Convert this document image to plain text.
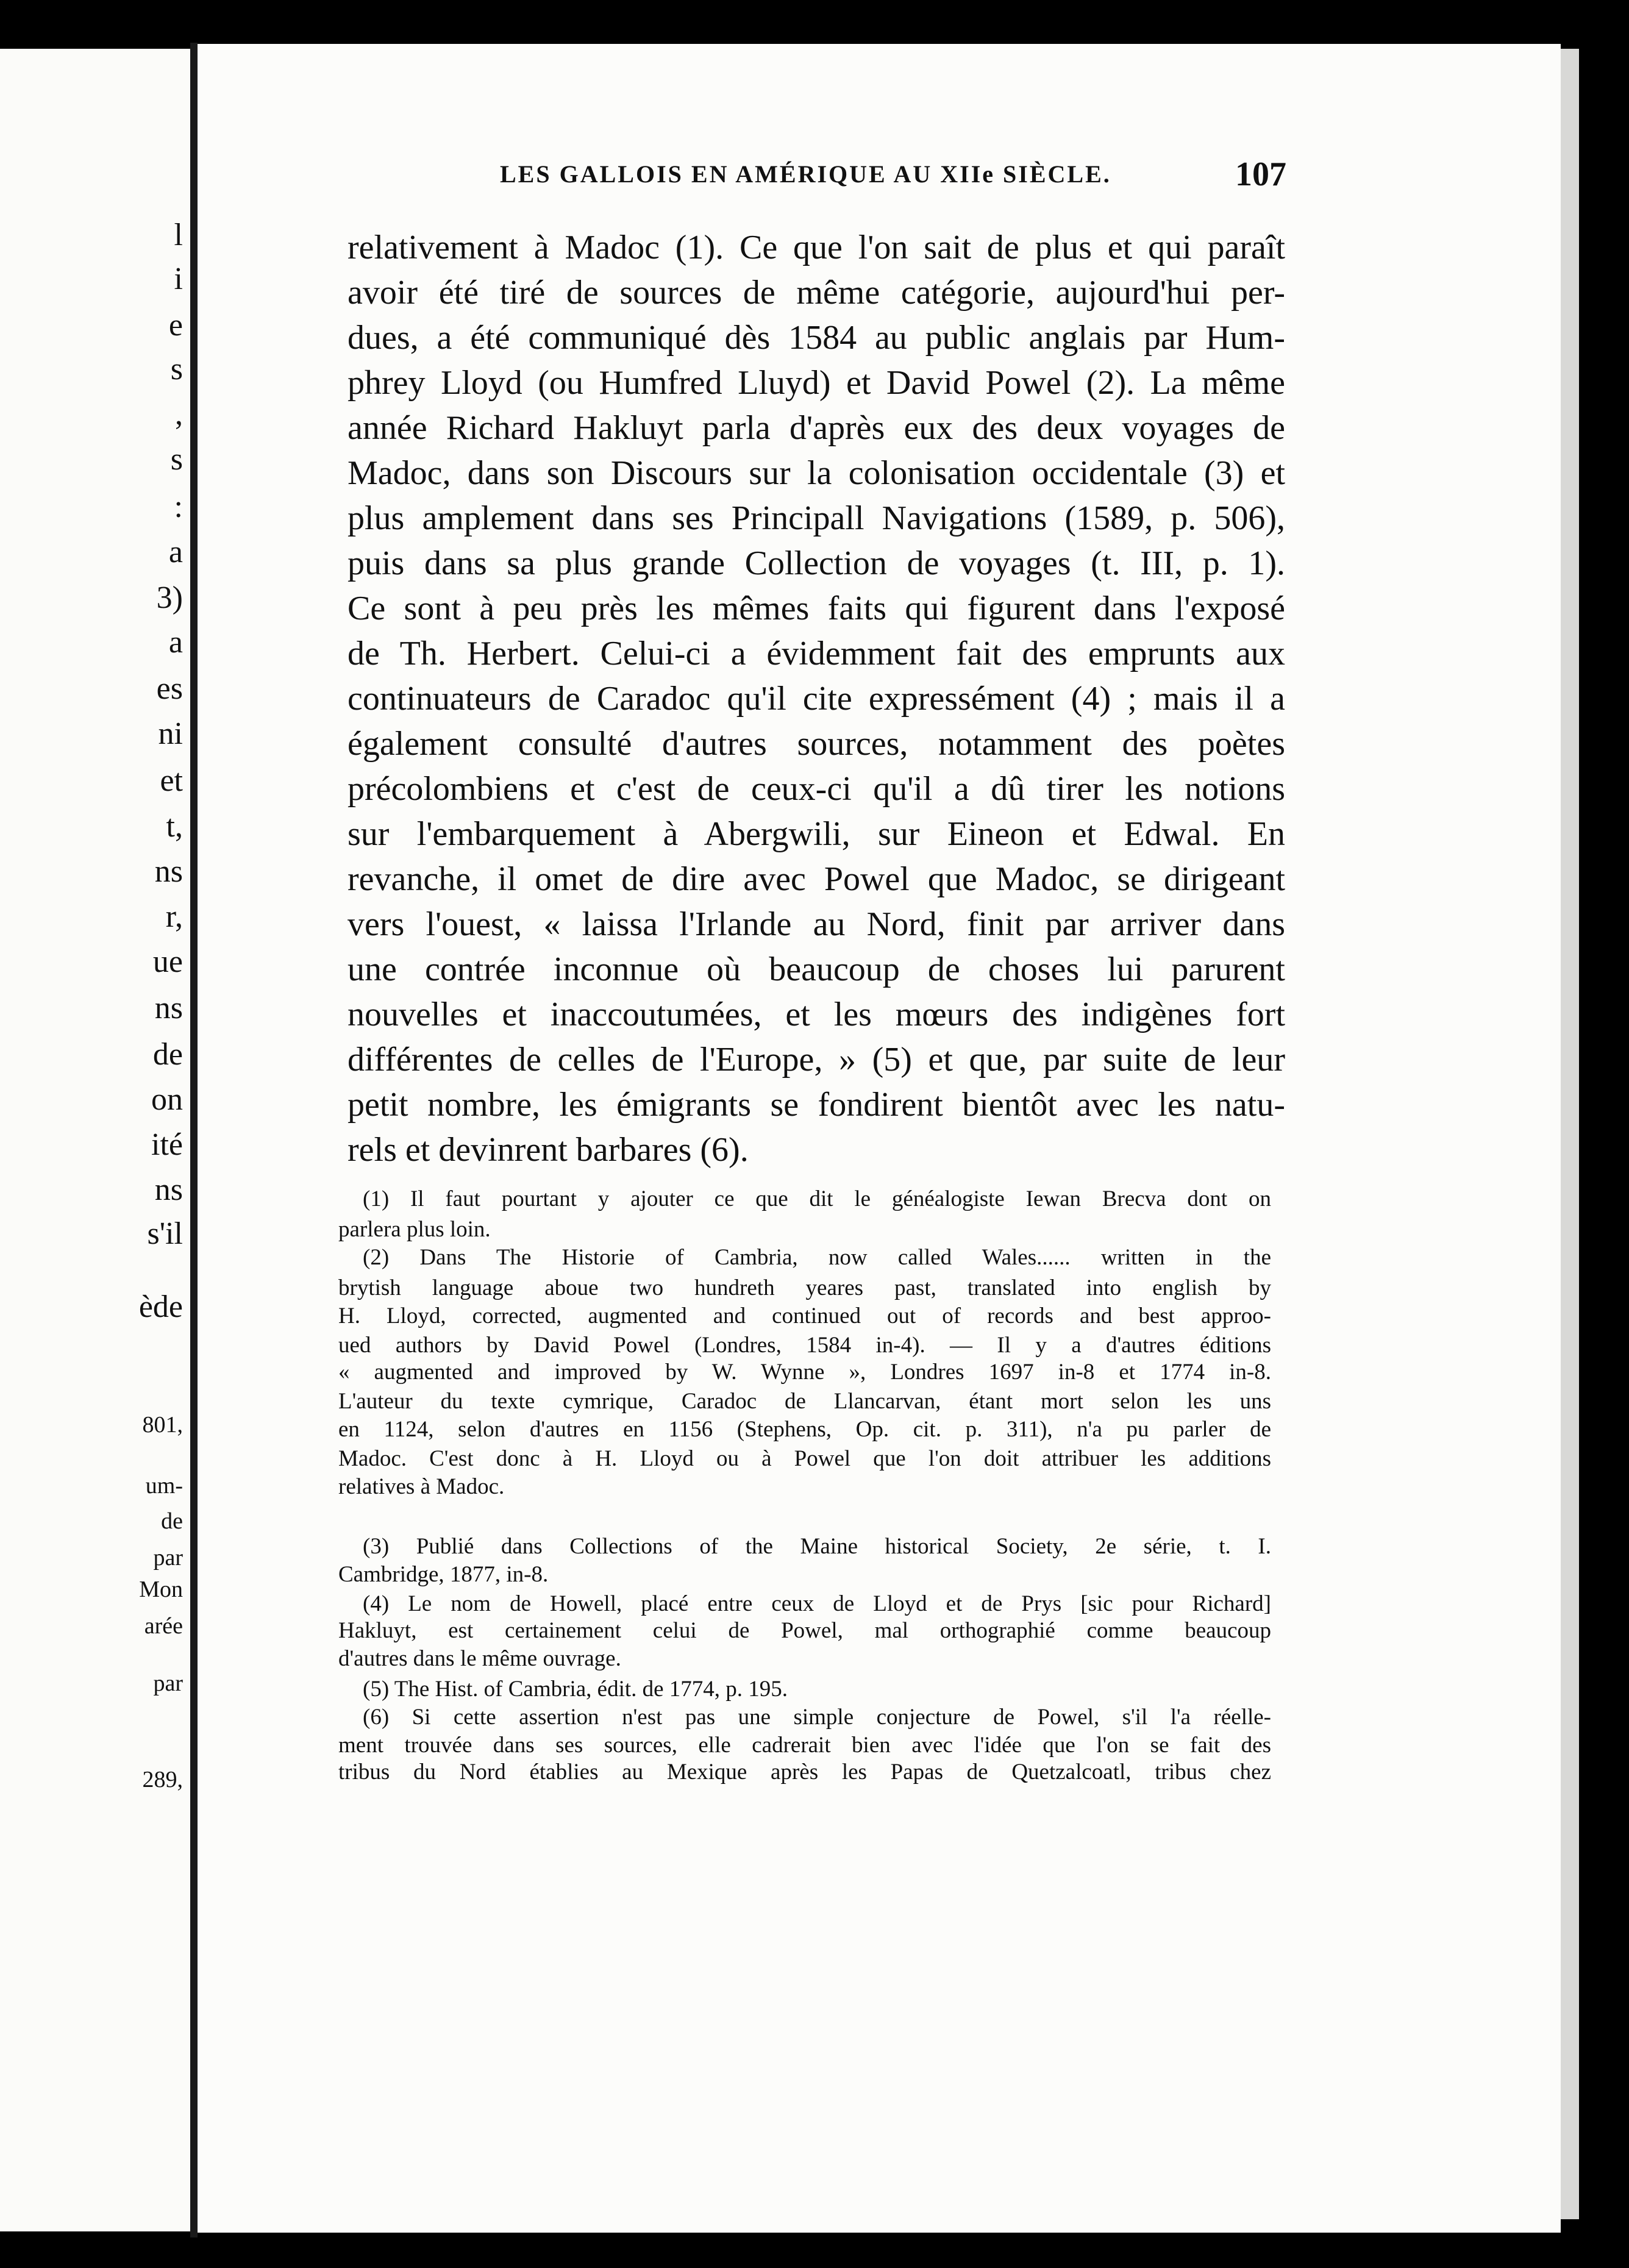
l
i
e
s
,
s
:
a
3)
a
es
ni
et
t,
ns
r,
ue
ns
de
on
ité
ns
s'il
ède
801,
um-
de
par
Mon
arée
par
289,
LES GALLOIS EN AMÉRIQUE AU XIIe SIÈCLE.	107
relativement à Madoc (1). Ce que l'on sait de plus et qui paraît
avoir été tiré de sources de même catégorie, aujourd'hui per-
dues, a été communiqué dès 1584 au public anglais par Hum-
phrey Lloyd (ou Humfred Lluyd) et David Powel (2). La même
année Richard Hakluyt parla d'après eux des deux voyages de
Madoc, dans son Discours sur la colonisation occidentale (3) et
plus amplement dans ses Principall Navigations (1589, p. 506),
puis dans sa plus grande Collection de voyages (t. III, p. 1).
Ce sont à peu près les mêmes faits qui figurent dans l'exposé
de Th. Herbert. Celui-ci a évidemment fait des emprunts aux
continuateurs de Caradoc qu'il cite expressément (4) ; mais il a
également consulté d'autres sources, notamment des poètes
précolombiens et c'est de ceux-ci qu'il a dû tirer les notions
sur l'embarquement à Abergwili, sur Eineon et Edwal. En
revanche, il omet de dire avec Powel que Madoc, se dirigeant
vers l'ouest, « laissa l'Irlande au Nord, finit par arriver dans
une contrée inconnue où beaucoup de choses lui parurent
nouvelles et inaccoutumées, et les mœurs des indigènes fort
différentes de celles de l'Europe, » (5) et que, par suite de leur
petit nombre, les émigrants se fondirent bientôt avec les natu-
rels et devinrent barbares (6).
(1) Il faut pourtant y ajouter ce que dit le généalogiste Iewan Brecva dont on
parlera plus loin.
(2) Dans The Historie of Cambria, now called Wales...... written in the
brytish language aboue two hundreth yeares past, translated into english by
H. Lloyd, corrected, augmented and continued out of records and best approo-
ued authors by David Powel (Londres, 1584 in-4). — Il y a d'autres éditions
« augmented and improved by W. Wynne », Londres 1697 in-8 et 1774 in-8.
L'auteur du texte cymrique, Caradoc de Llancarvan, étant mort selon les uns
en 1124, selon d'autres en 1156 (Stephens, Op. cit. p. 311), n'a pu parler de
Madoc. C'est donc à H. Lloyd ou à Powel que l'on doit attribuer les additions
relatives à Madoc.
(3) Publié dans Collections of the Maine historical Society, 2e série, t. I.
Cambridge, 1877, in-8.
(4) Le nom de Howell, placé entre ceux de Lloyd et de Prys [sic pour Richard]
Hakluyt, est certainement celui de Powel, mal orthographié comme beaucoup
d'autres dans le même ouvrage.
(5) The Hist. of Cambria, édit. de 1774, p. 195.
(6) Si cette assertion n'est pas une simple conjecture de Powel, s'il l'a réelle-
ment trouvée dans ses sources, elle cadrerait bien avec l'idée que l'on se fait des
tribus du Nord établies au Mexique après les Papas de Quetzalcoatl, tribus chez
